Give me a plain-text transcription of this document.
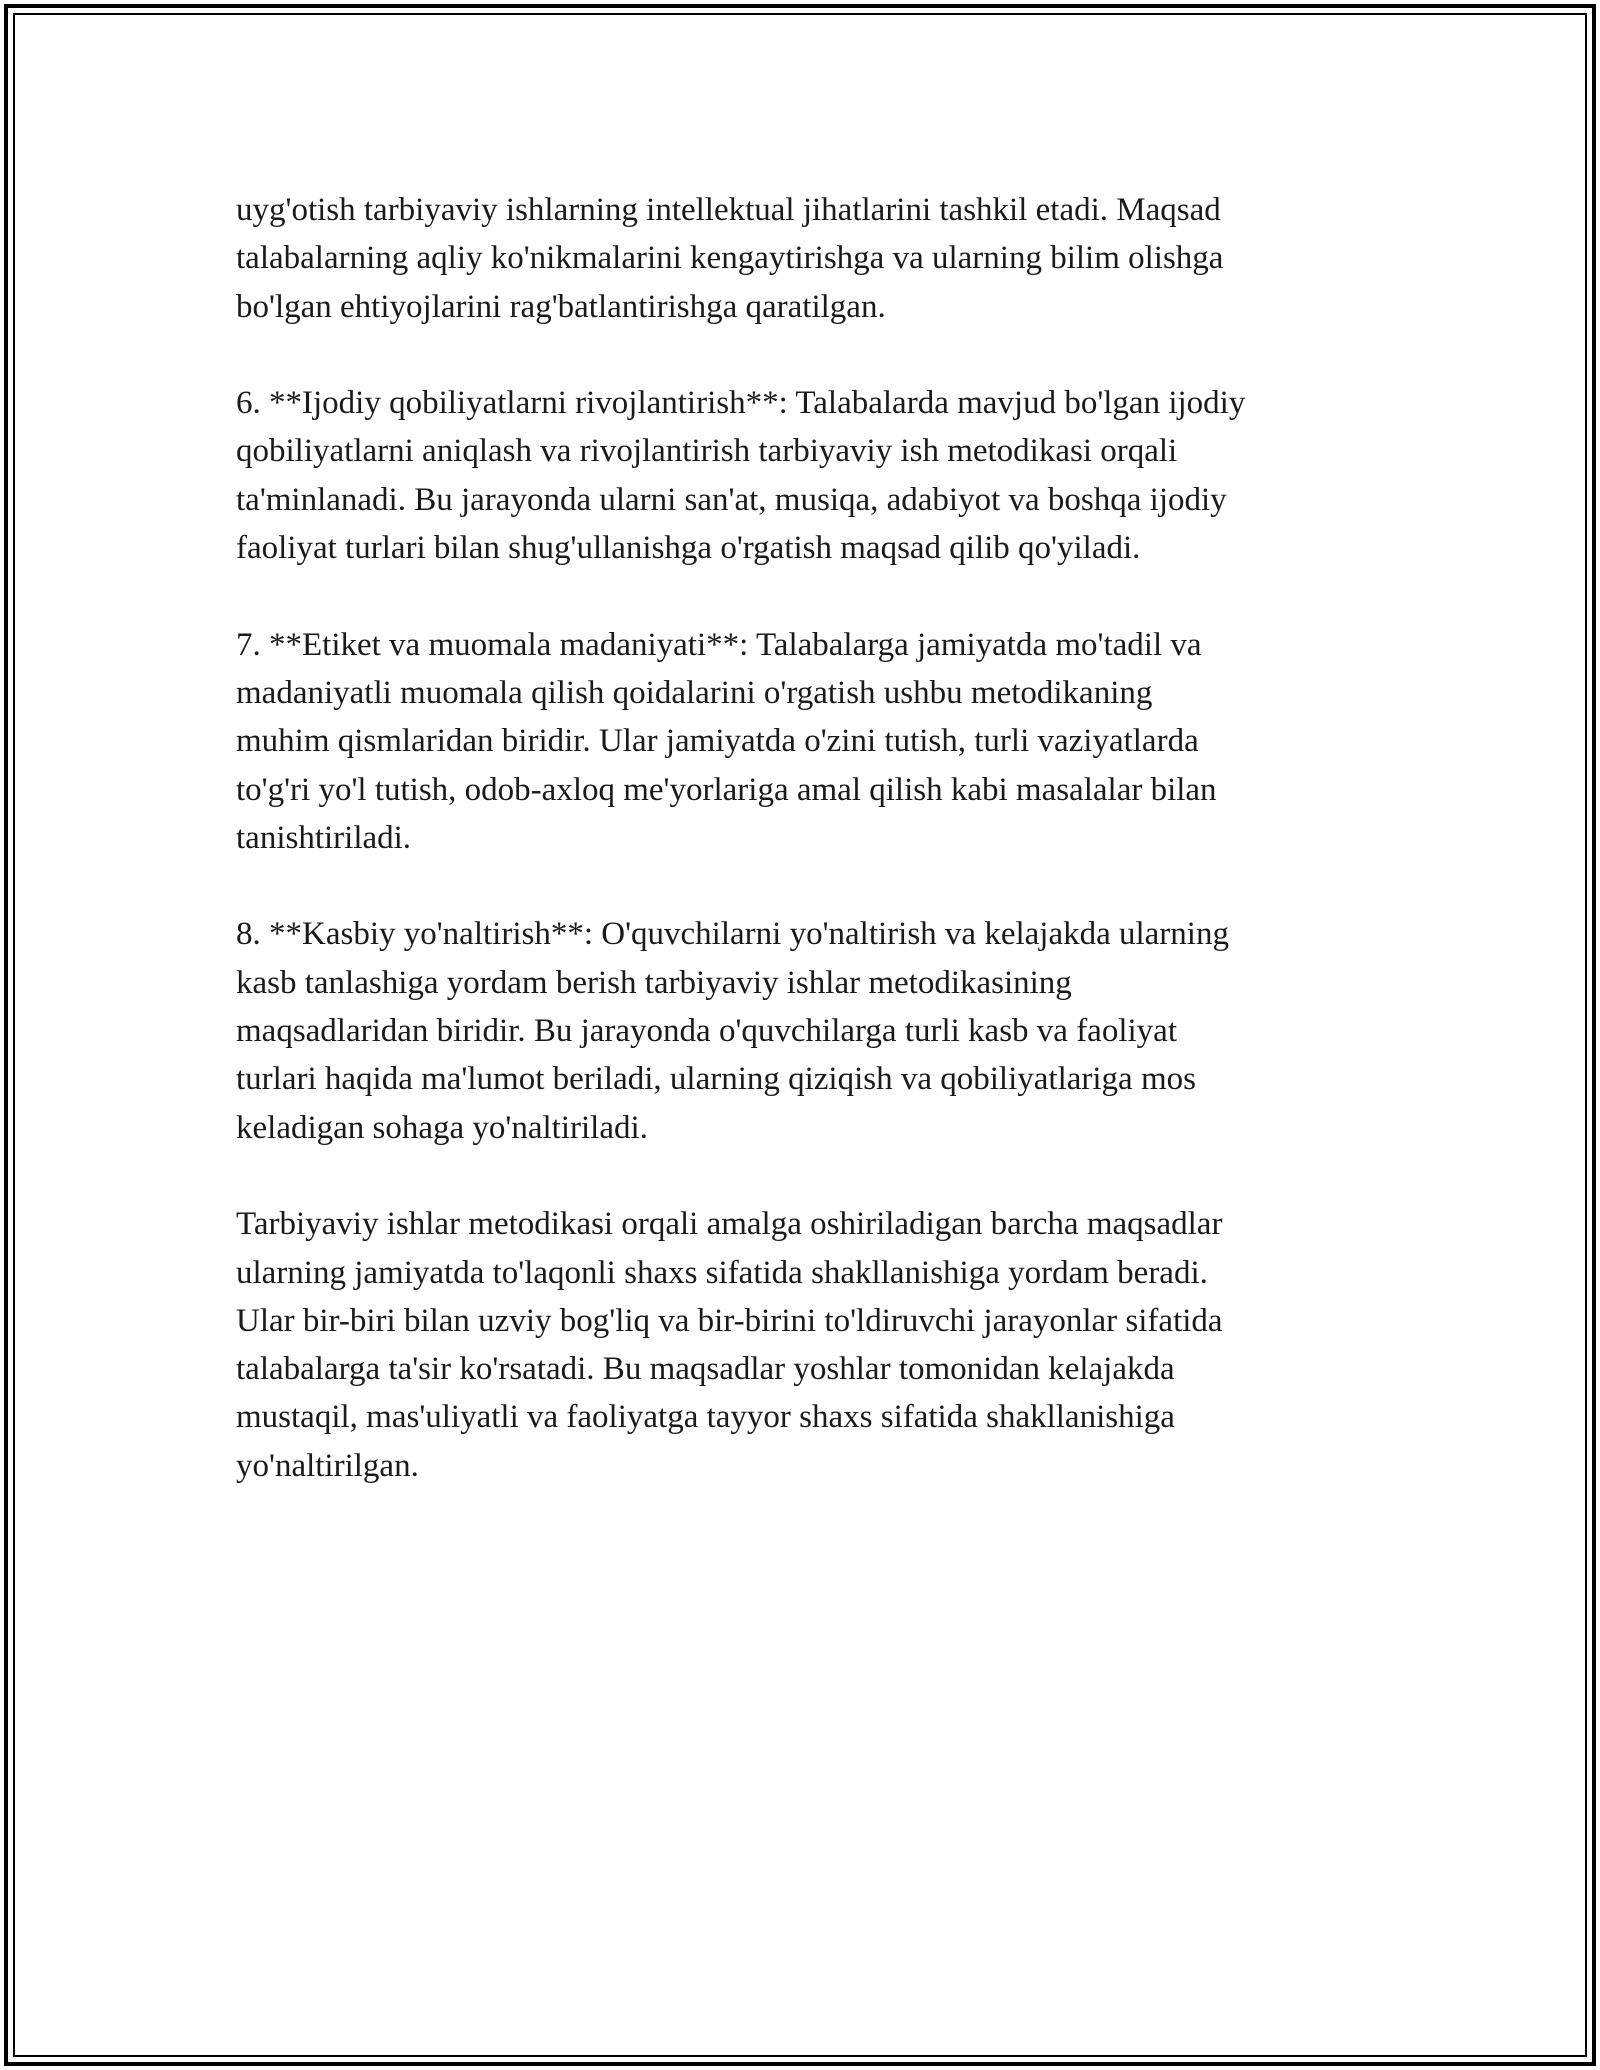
uyg'otish tarbiyaviy ishlarning intellektual jihatlarini tashkil etadi. Maqsad
talabalarning aqliy ko'nikmalarini kengaytirishga va ularning bilim olishga
bo'lgan ehtiyojlarini rag'batlantirishga qaratilgan.

6. **Ijodiy qobiliyatlarni rivojlantirish**: Talabalarda mavjud bo'lgan ijodiy
qobiliyatlarni aniqlash va rivojlantirish tarbiyaviy ish metodikasi orqali
ta'minlanadi. Bu jarayonda ularni san'at, musiqa, adabiyot va boshqa ijodiy
faoliyat turlari bilan shug'ullanishga o'rgatish maqsad qilib qo'yiladi.

7. **Etiket va muomala madaniyati**: Talabalarga jamiyatda mo'tadil va
madaniyatli muomala qilish qoidalarini o'rgatish ushbu metodikaning
muhim qismlaridan biridir. Ular jamiyatda o'zini tutish, turli vaziyatlarda
to'g'ri yo'l tutish, odob-axloq me'yorlariga amal qilish kabi masalalar bilan
tanishtiriladi.

8. **Kasbiy yo'naltirish**: O'quvchilarni yo'naltirish va kelajakda ularning
kasb tanlashiga yordam berish tarbiyaviy ishlar metodikasining
maqsadlaridan biridir. Bu jarayonda o'quvchilarga turli kasb va faoliyat
turlari haqida ma'lumot beriladi, ularning qiziqish va qobiliyatlariga mos
keladigan sohaga yo'naltiriladi.

Tarbiyaviy ishlar metodikasi orqali amalga oshiriladigan barcha maqsadlar
ularning jamiyatda to'laqonli shaxs sifatida shakllanishiga yordam beradi.
Ular bir-biri bilan uzviy bog'liq va bir-birini to'ldiruvchi jarayonlar sifatida
talabalarga ta'sir ko'rsatadi. Bu maqsadlar yoshlar tomonidan kelajakda
mustaqil, mas'uliyatli va faoliyatga tayyor shaxs sifatida shakllanishiga
yo'naltirilgan.
